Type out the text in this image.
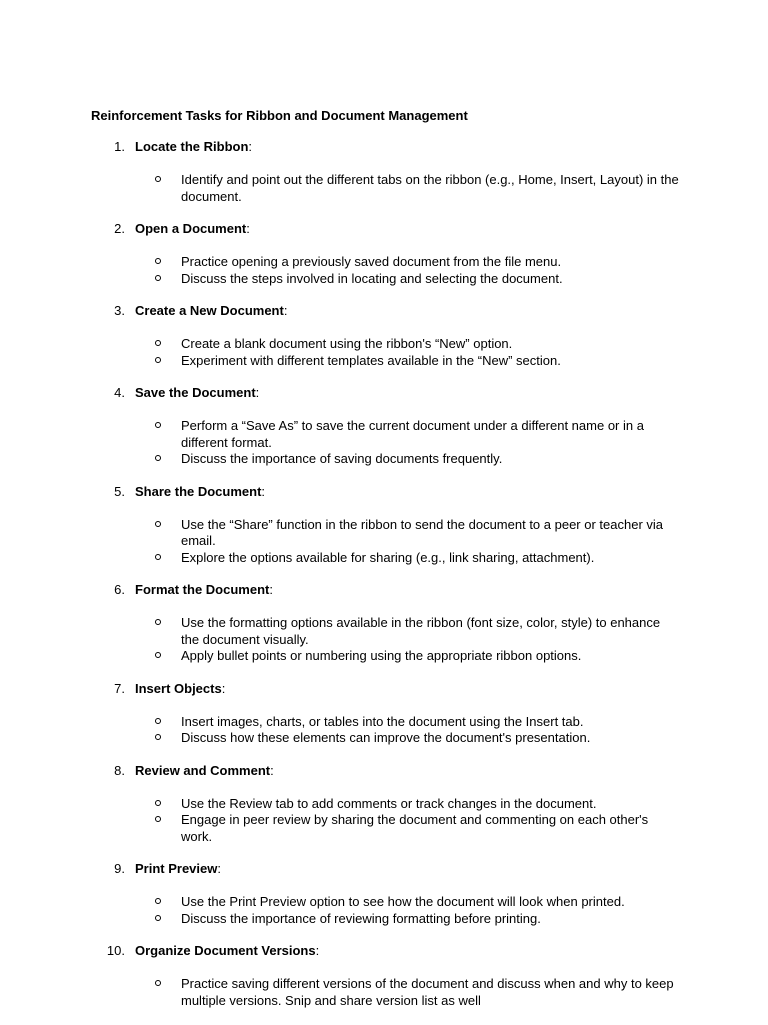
Reinforcement Tasks for Ribbon and Document Management
1. Locate the Ribbon:
Identify and point out the different tabs on the ribbon (e.g., Home, Insert, Layout) in the document.
2. Open a Document:
Practice opening a previously saved document from the file menu.
Discuss the steps involved in locating and selecting the document.
3. Create a New Document:
Create a blank document using the ribbon's “New” option.
Experiment with different templates available in the “New” section.
4. Save the Document:
Perform a “Save As” to save the current document under a different name or in a different format.
Discuss the importance of saving documents frequently.
5. Share the Document:
Use the “Share” function in the ribbon to send the document to a peer or teacher via email.
Explore the options available for sharing (e.g., link sharing, attachment).
6. Format the Document:
Use the formatting options available in the ribbon (font size, color, style) to enhance the document visually.
Apply bullet points or numbering using the appropriate ribbon options.
7. Insert Objects:
Insert images, charts, or tables into the document using the Insert tab.
Discuss how these elements can improve the document's presentation.
8. Review and Comment:
Use the Review tab to add comments or track changes in the document.
Engage in peer review by sharing the document and commenting on each other's work.
9. Print Preview:
Use the Print Preview option to see how the document will look when printed.
Discuss the importance of reviewing formatting before printing.
10. Organize Document Versions:
Practice saving different versions of the document and discuss when and why to keep multiple versions. Snip and share version list as well
